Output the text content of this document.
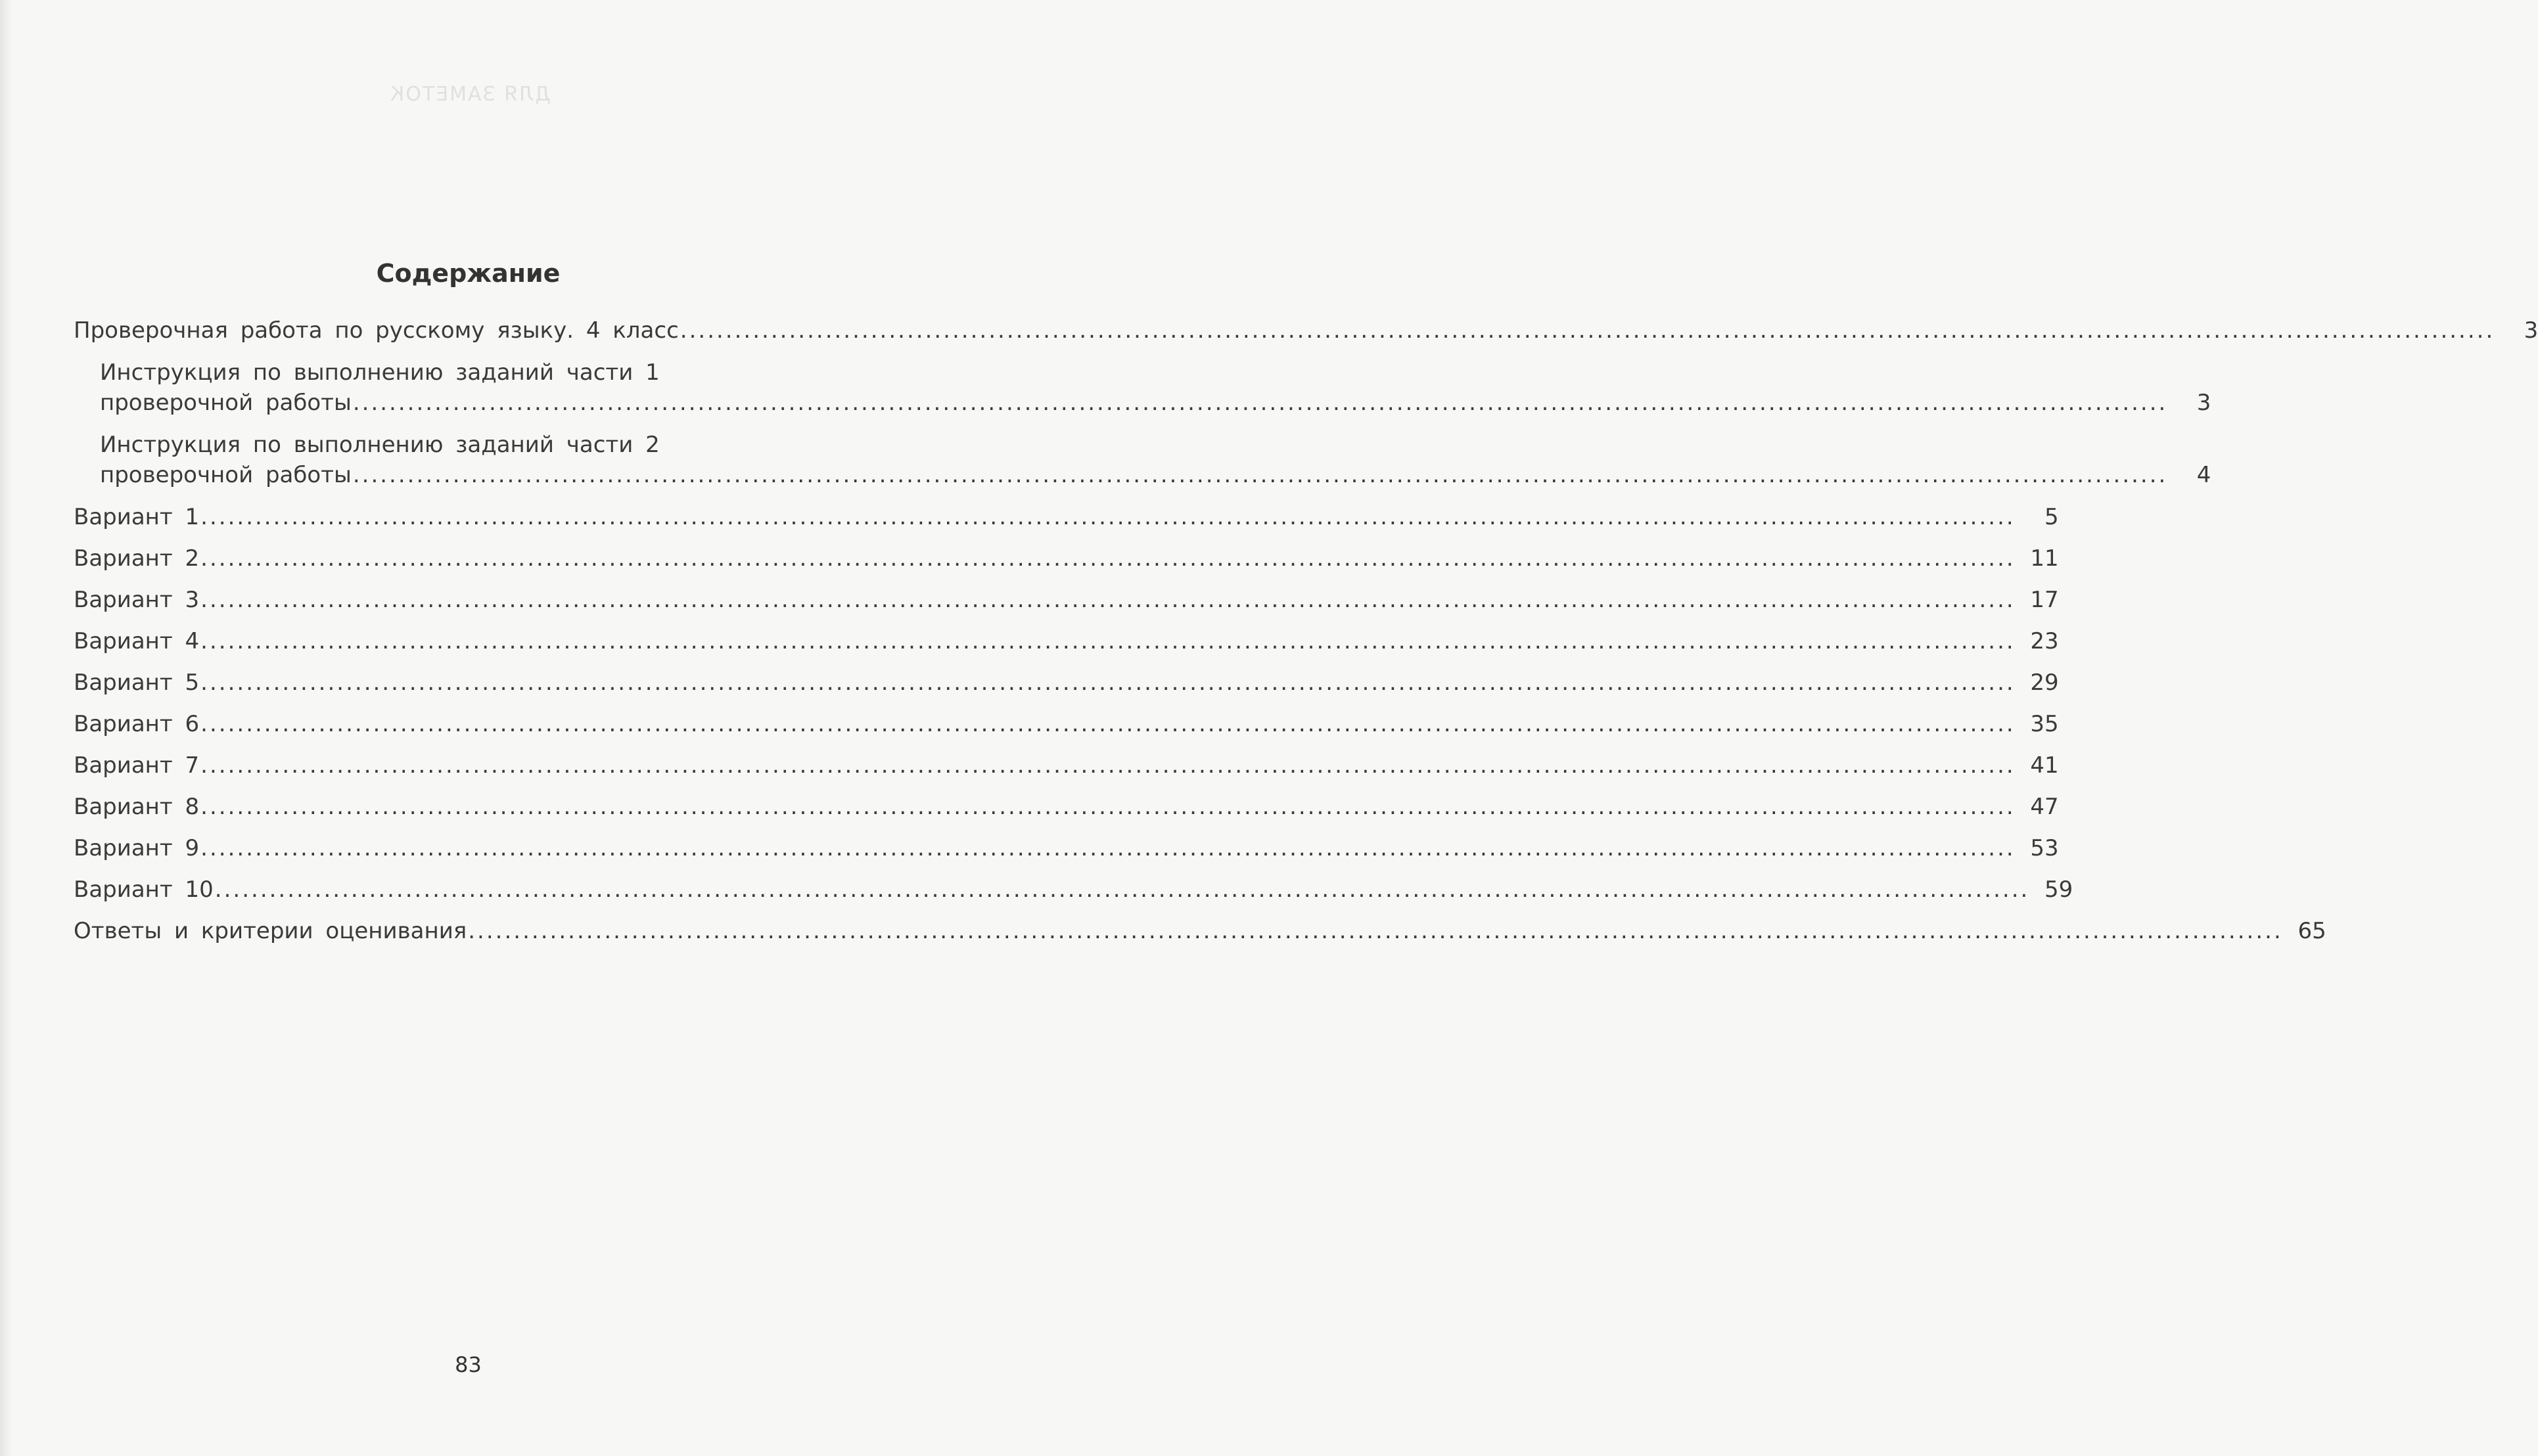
ДЛЯ ЗАМЕТОК
Содержание
Проверочная работа по русскому языку. 4 класс ........................................................................................................................................................................................................	3
Инструкция по выполнению заданий части 1
проверочной работы ........................................................................................................................................................................................................	3
Инструкция по выполнению заданий части 2
проверочной работы ........................................................................................................................................................................................................	4
Вариант 1 ........................................................................................................................................................................................................	5
Вариант 2 ........................................................................................................................................................................................................ 11
Вариант 3 ........................................................................................................................................................................................................ 17
Вариант 4 ........................................................................................................................................................................................................ 23
Вариант 5 ........................................................................................................................................................................................................ 29
Вариант 6 ........................................................................................................................................................................................................ 35
Вариант 7 ........................................................................................................................................................................................................ 41
Вариант 8 ........................................................................................................................................................................................................ 47
Вариант 9 ........................................................................................................................................................................................................ 53
Вариант 10 ........................................................................................................................................................................................................ 59
Ответы и критерии оценивания ........................................................................................................................................................................................................ 65
83
